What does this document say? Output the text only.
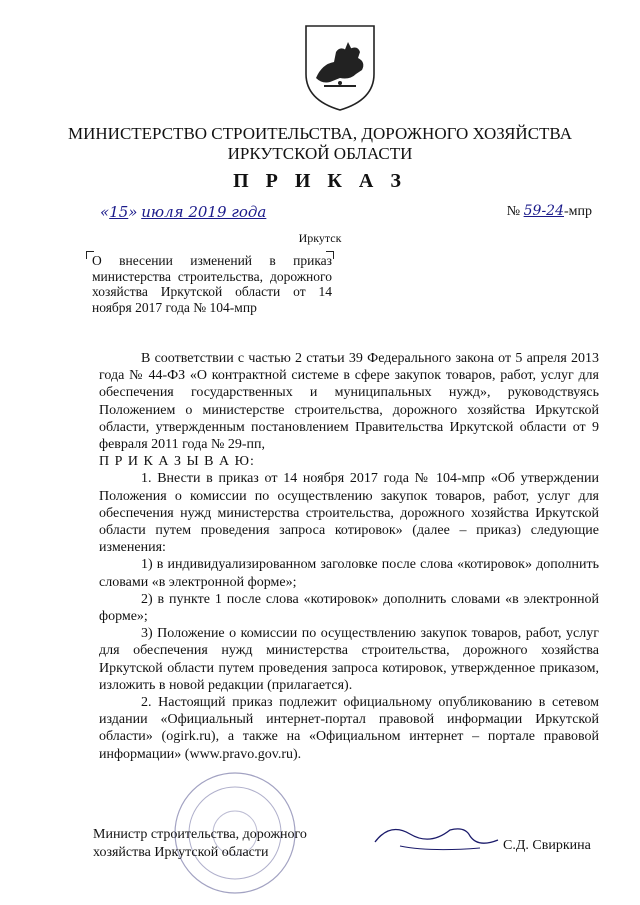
МИНИСТЕРСТВО СТРОИТЕЛЬСТВА, ДОРОЖНОГО ХОЗЯЙСТВА
ИРКУТСКОЙ ОБЛАСТИ
П Р И К А З
«15» июля 2019 года	№ 59-24-мпр
Иркутск
О внесении изменений в приказ министерства строительства, дорожного хозяйства Иркутской области от 14 ноября 2017 года № 104-мпр

В соответствии с частью 2 статьи 39 Федерального закона от 5 апреля 2013 года № 44-ФЗ «О контрактной системе в сфере закупок товаров, работ, услуг для обеспечения государственных и муниципальных нужд», руководствуясь Положением о министерстве строительства, дорожного хозяйства Иркутской области, утвержденным постановлением Правительства Иркутской области от 9 февраля 2011 года № 29-пп,

П Р И К А З Ы В А Ю:

1. Внести в приказ от 14 ноября 2017 года № 104-мпр «Об утверждении Положения о комиссии по осуществлению закупок товаров, работ, услуг для обеспечения нужд министерства строительства, дорожного хозяйства Иркутской области путем проведения запроса котировок» (далее – приказ) следующие изменения:

1) в индивидуализированном заголовке после слова «котировок» дополнить словами «в электронной форме»;

2) в пункте 1 после слова «котировок» дополнить словами «в электронной форме»;

3) Положение о комиссии по осуществлению закупок товаров, работ, услуг для обеспечения нужд министерства строительства, дорожного хозяйства Иркутской области путем проведения запроса котировок, утвержденное приказом, изложить в новой редакции (прилагается).

2. Настоящий приказ подлежит официальному опубликованию в сетевом издании «Официальный интернет-портал правовой информации Иркутской области» (ogirk.ru), а также на «Официальном интернет – портале правовой информации» (www.pravo.gov.ru).

Министр строительства, дорожного
хозяйства Иркутской области	С.Д. Свиркина
